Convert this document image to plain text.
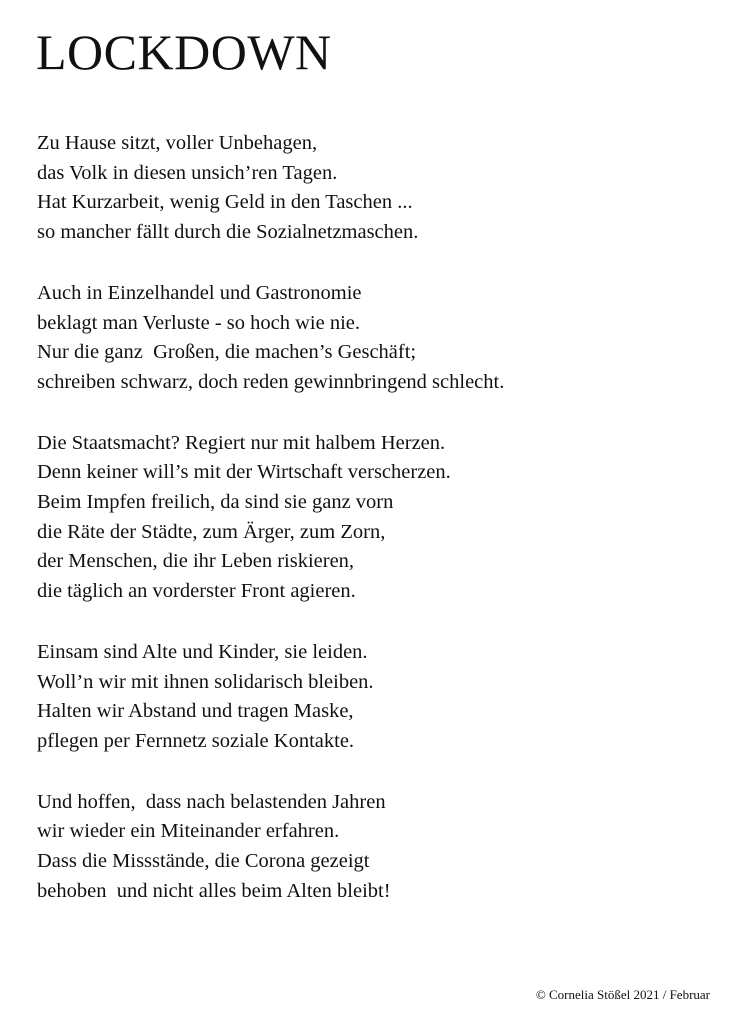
LOCKDOWN
Zu Hause sitzt, voller Unbehagen,
das Volk in diesen unsich’ren Tagen.
Hat Kurzarbeit, wenig Geld in den Taschen ...
so mancher fällt durch die Sozialnetzmaschen.
Auch in Einzelhandel und Gastronomie
beklagt man Verluste - so hoch wie nie.
Nur die ganz  Großen, die machen’s Geschäft;
schreiben schwarz, doch reden gewinnbringend schlecht.
Die Staatsmacht? Regiert nur mit halbem Herzen.
Denn keiner will’s mit der Wirtschaft verscherzen.
Beim Impfen freilich, da sind sie ganz vorn
die Räte der Städte, zum Ärger, zum Zorn,
der Menschen, die ihr Leben riskieren,
die täglich an vorderster Front agieren.
Einsam sind Alte und Kinder, sie leiden.
Woll’n wir mit ihnen solidarisch bleiben.
Halten wir Abstand und tragen Maske,
pflegen per Fernnetz soziale Kontakte.
Und hoffen,  dass nach belastenden Jahren
wir wieder ein Miteinander erfahren.
Dass die Missstände, die Corona gezeigt
behoben  und nicht alles beim Alten bleibt!
© Cornelia Stößel 2021 / Februar
